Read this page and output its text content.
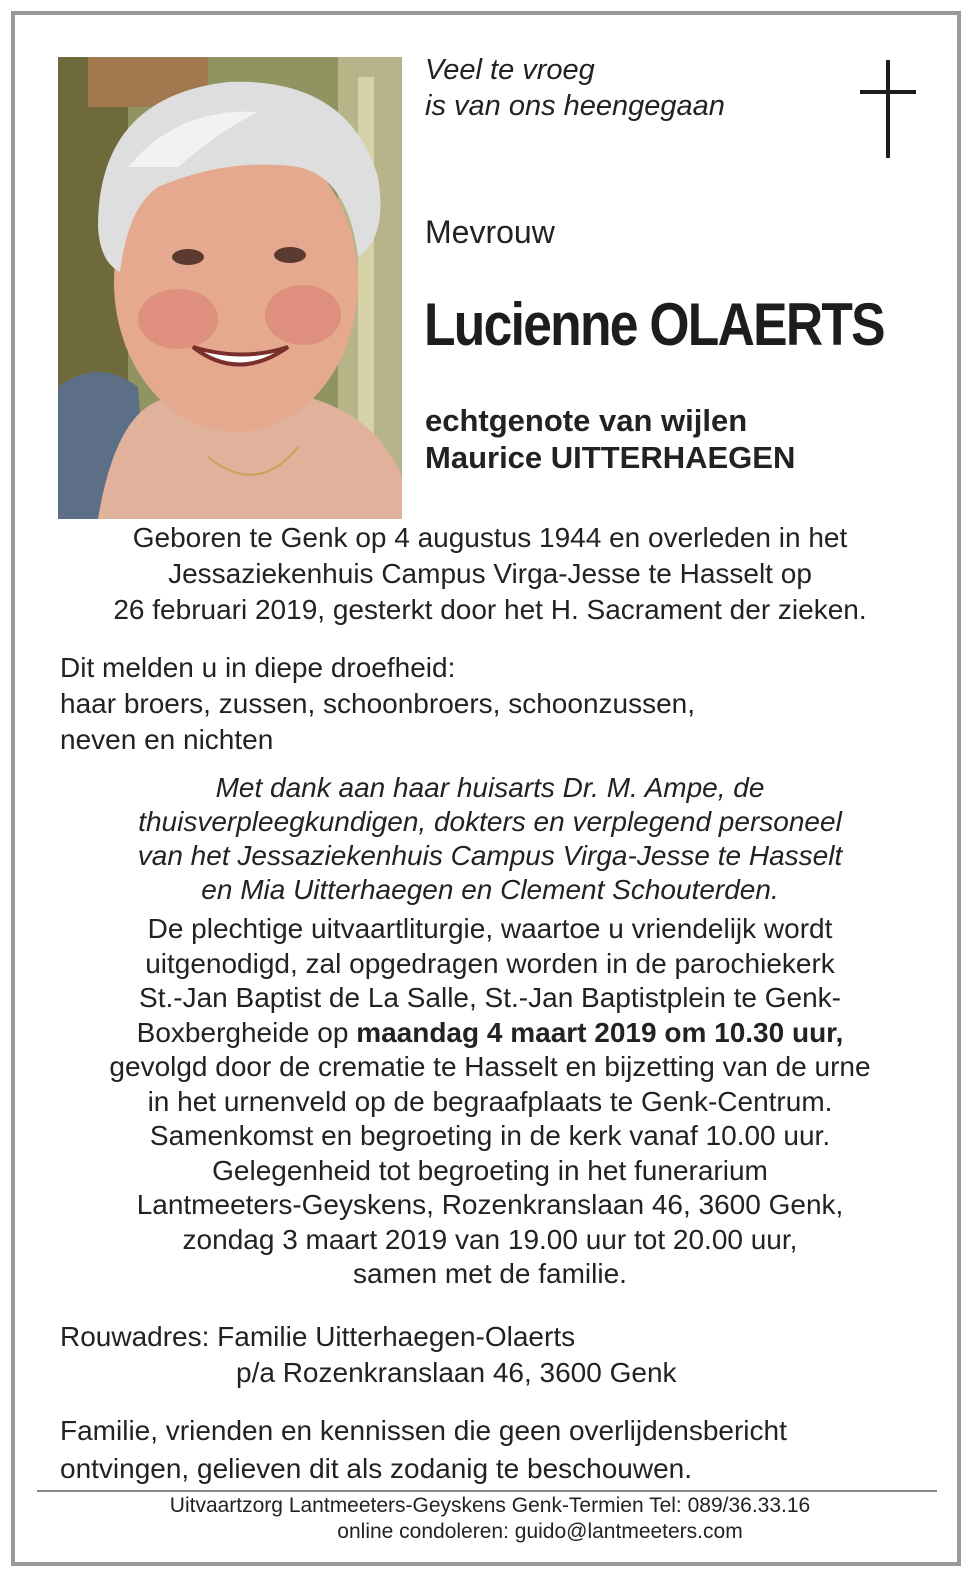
Veel te vroeg
is van ons heengegaan
Mevrouw
Lucienne OLAERTS
echtgenote van wijlen
Maurice UITTERHAEGEN
Geboren te Genk op 4 augustus 1944 en overleden in het
Jessaziekenhuis Campus Virga-Jesse te Hasselt op
26 februari 2019, gesterkt door het H. Sacrament der zieken.
Dit melden u in diepe droefheid:
haar broers, zussen, schoonbroers, schoonzussen,
neven en nichten
Met dank aan haar huisarts Dr. M. Ampe, de
thuisverpleegkundigen, dokters en verplegend personeel
van het Jessaziekenhuis Campus Virga-Jesse te Hasselt
en Mia Uitterhaegen en Clement Schouterden.
De plechtige uitvaartliturgie, waartoe u vriendelijk wordt
uitgenodigd, zal opgedragen worden in de parochiekerk
St.-Jan Baptist de La Salle, St.-Jan Baptistplein te Genk-
Boxbergheide op maandag 4 maart 2019 om 10.30 uur,
gevolgd door de crematie te Hasselt en bijzetting van de urne
in het urnenveld op de begraafplaats te Genk-Centrum.
Samenkomst en begroeting in de kerk vanaf 10.00 uur.
Gelegenheid tot begroeting in het funerarium
Lantmeeters-Geyskens, Rozenkranslaan 46, 3600 Genk,
zondag 3 maart 2019 van 19.00 uur tot 20.00 uur,
samen met de familie.
Rouwadres: Familie Uitterhaegen-Olaerts
p/a Rozenkranslaan 46, 3600 Genk
Familie, vrienden en kennissen die geen overlijdensbericht
ontvingen, gelieven dit als zodanig te beschouwen.
Uitvaartzorg Lantmeeters-Geyskens Genk-Termien Tel: 089/36.33.16
online condoleren: guido@lantmeeters.com
